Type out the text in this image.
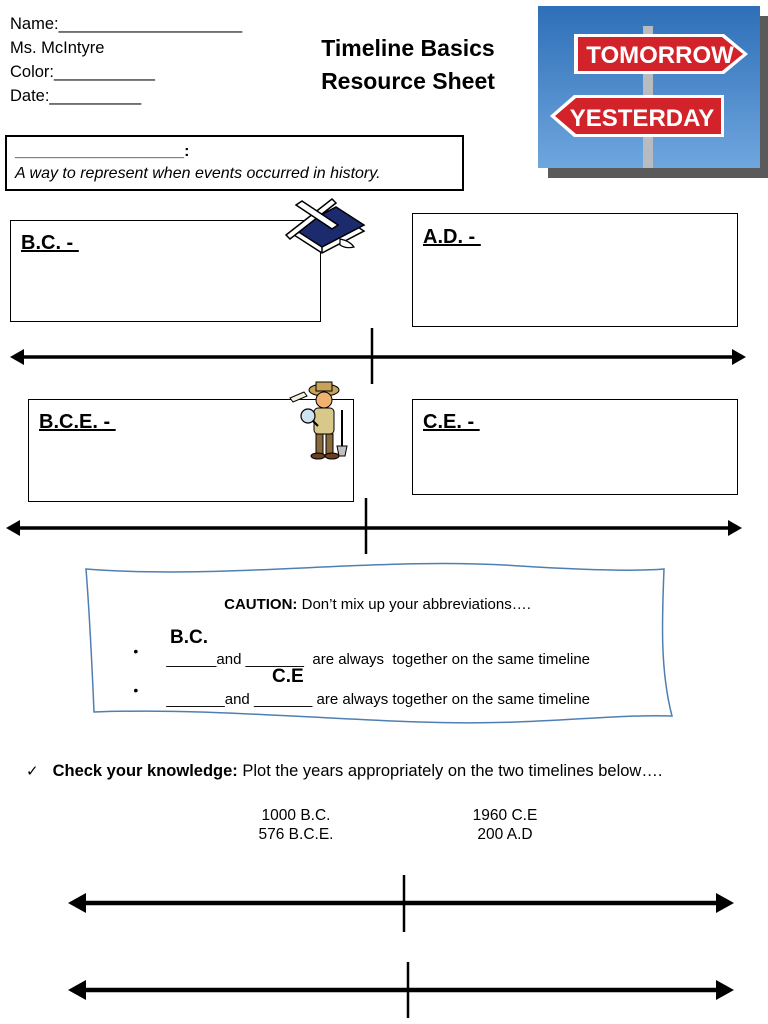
Name:____________________
Ms. McIntyre
Color:___________
Date:__________
Timeline Basics
Resource Sheet
TOMORROW
YESTERDAY
___________________:
A way to represent when events occurred in history.
B.C. -	A.D. -
B.C.E. -	C.E. -
CAUTION: Don’t mix up your abbreviations….

•	______and _______ are always  together on the same timeline

B.C.

•

_______and _______ are always together on the same timeline

C.E
✓ Check your knowledge: Plot the years appropriately on the two timelines below….
1000 B.C.
576 B.C.E.
1960 C.E
200 A.D
